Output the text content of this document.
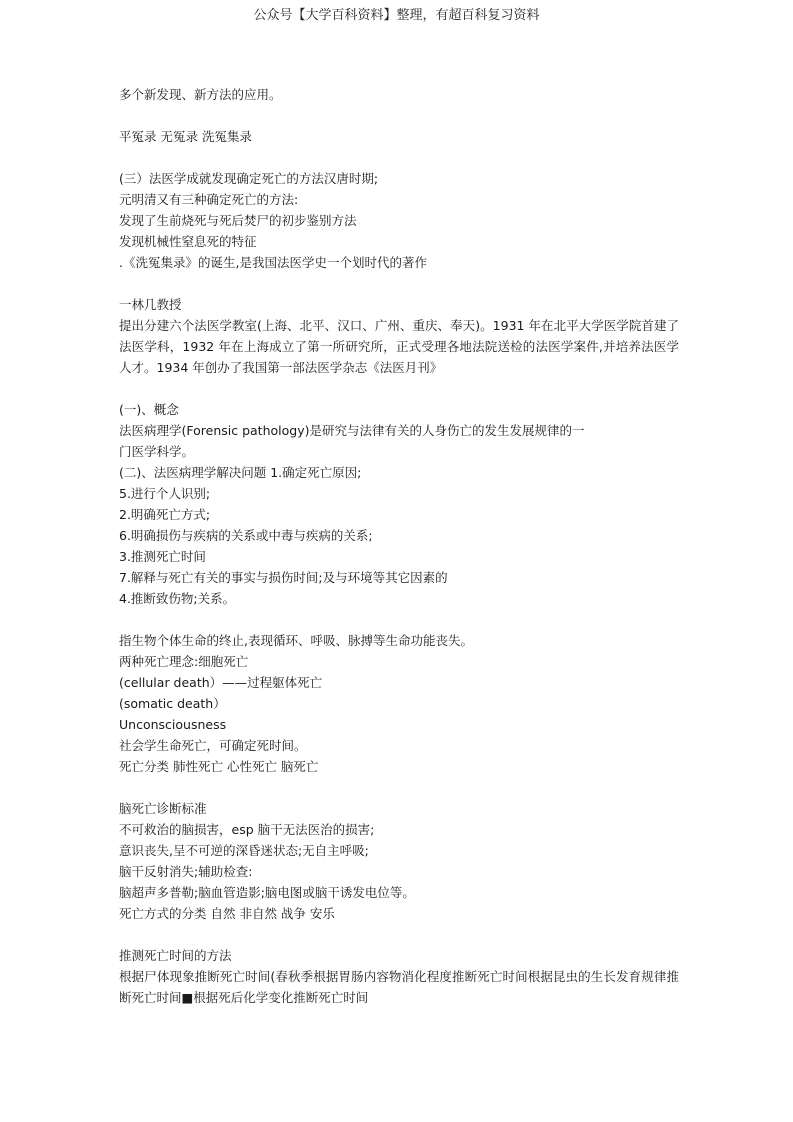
公众号【大学百科资料】整理，有超百科复习资料
多个新发现、新方法的应用。
平冤录 无冤录 洗冤集录
(三）法医学成就发现确定死亡的方法汉唐时期;
元明清又有三种确定死亡的方法:
发现了生前烧死与死后焚尸的初步鉴别方法
发现机械性窒息死的特征
.《洗冤集录》的诞生,是我国法医学史一个划时代的著作
一林几教授
提出分建六个法医学教室(上海、北平、汉口、广州、重庆、奉天)。1931 年在北平大学医学院首建了法医学科，1932 年在上海成立了第一所研究所，正式受理各地法院送检的法医学案件,并培养法医学人才。1934 年创办了我国第一部法医学杂志《法医月刊》
(一)、概念
法医病理学(Forensic pathology)是研究与法律有关的人身伤亡的发生发展规律的一
门医学科学。
(二)、法医病理学解决问题 1.确定死亡原因;
5.进行个人识别;
2.明确死亡方式;
6.明确损伤与疾病的关系或中毒与疾病的关系;
3.推测死亡时间
7.解释与死亡有关的事实与损伤时间;及与环境等其它因素的
4.推断致伤物;关系。
指生物个体生命的终止,表现循环、呼吸、脉搏等生命功能丧失。
两种死亡理念:细胞死亡
(cellular death）——过程躯体死亡
(somatic death）
Unconsciousness
社会学生命死亡，可确定死时间。
死亡分类 肺性死亡 心性死亡 脑死亡
脑死亡诊断标准
不可救治的脑损害，esp 脑干无法医治的损害;
意识丧失,呈不可逆的深昏迷状态;无自主呼吸;
脑干反射消失;辅助检查:
脑超声多普勒;脑血管造影;脑电图或脑干诱发电位等。
死亡方式的分类 自然 非自然 战争 安乐
推测死亡时间的方法
根据尸体现象推断死亡时间(春秋季根据胃肠内容物消化程度推断死亡时间根据昆虫的生长发育规律推断死亡时间■根据死后化学变化推断死亡时间
